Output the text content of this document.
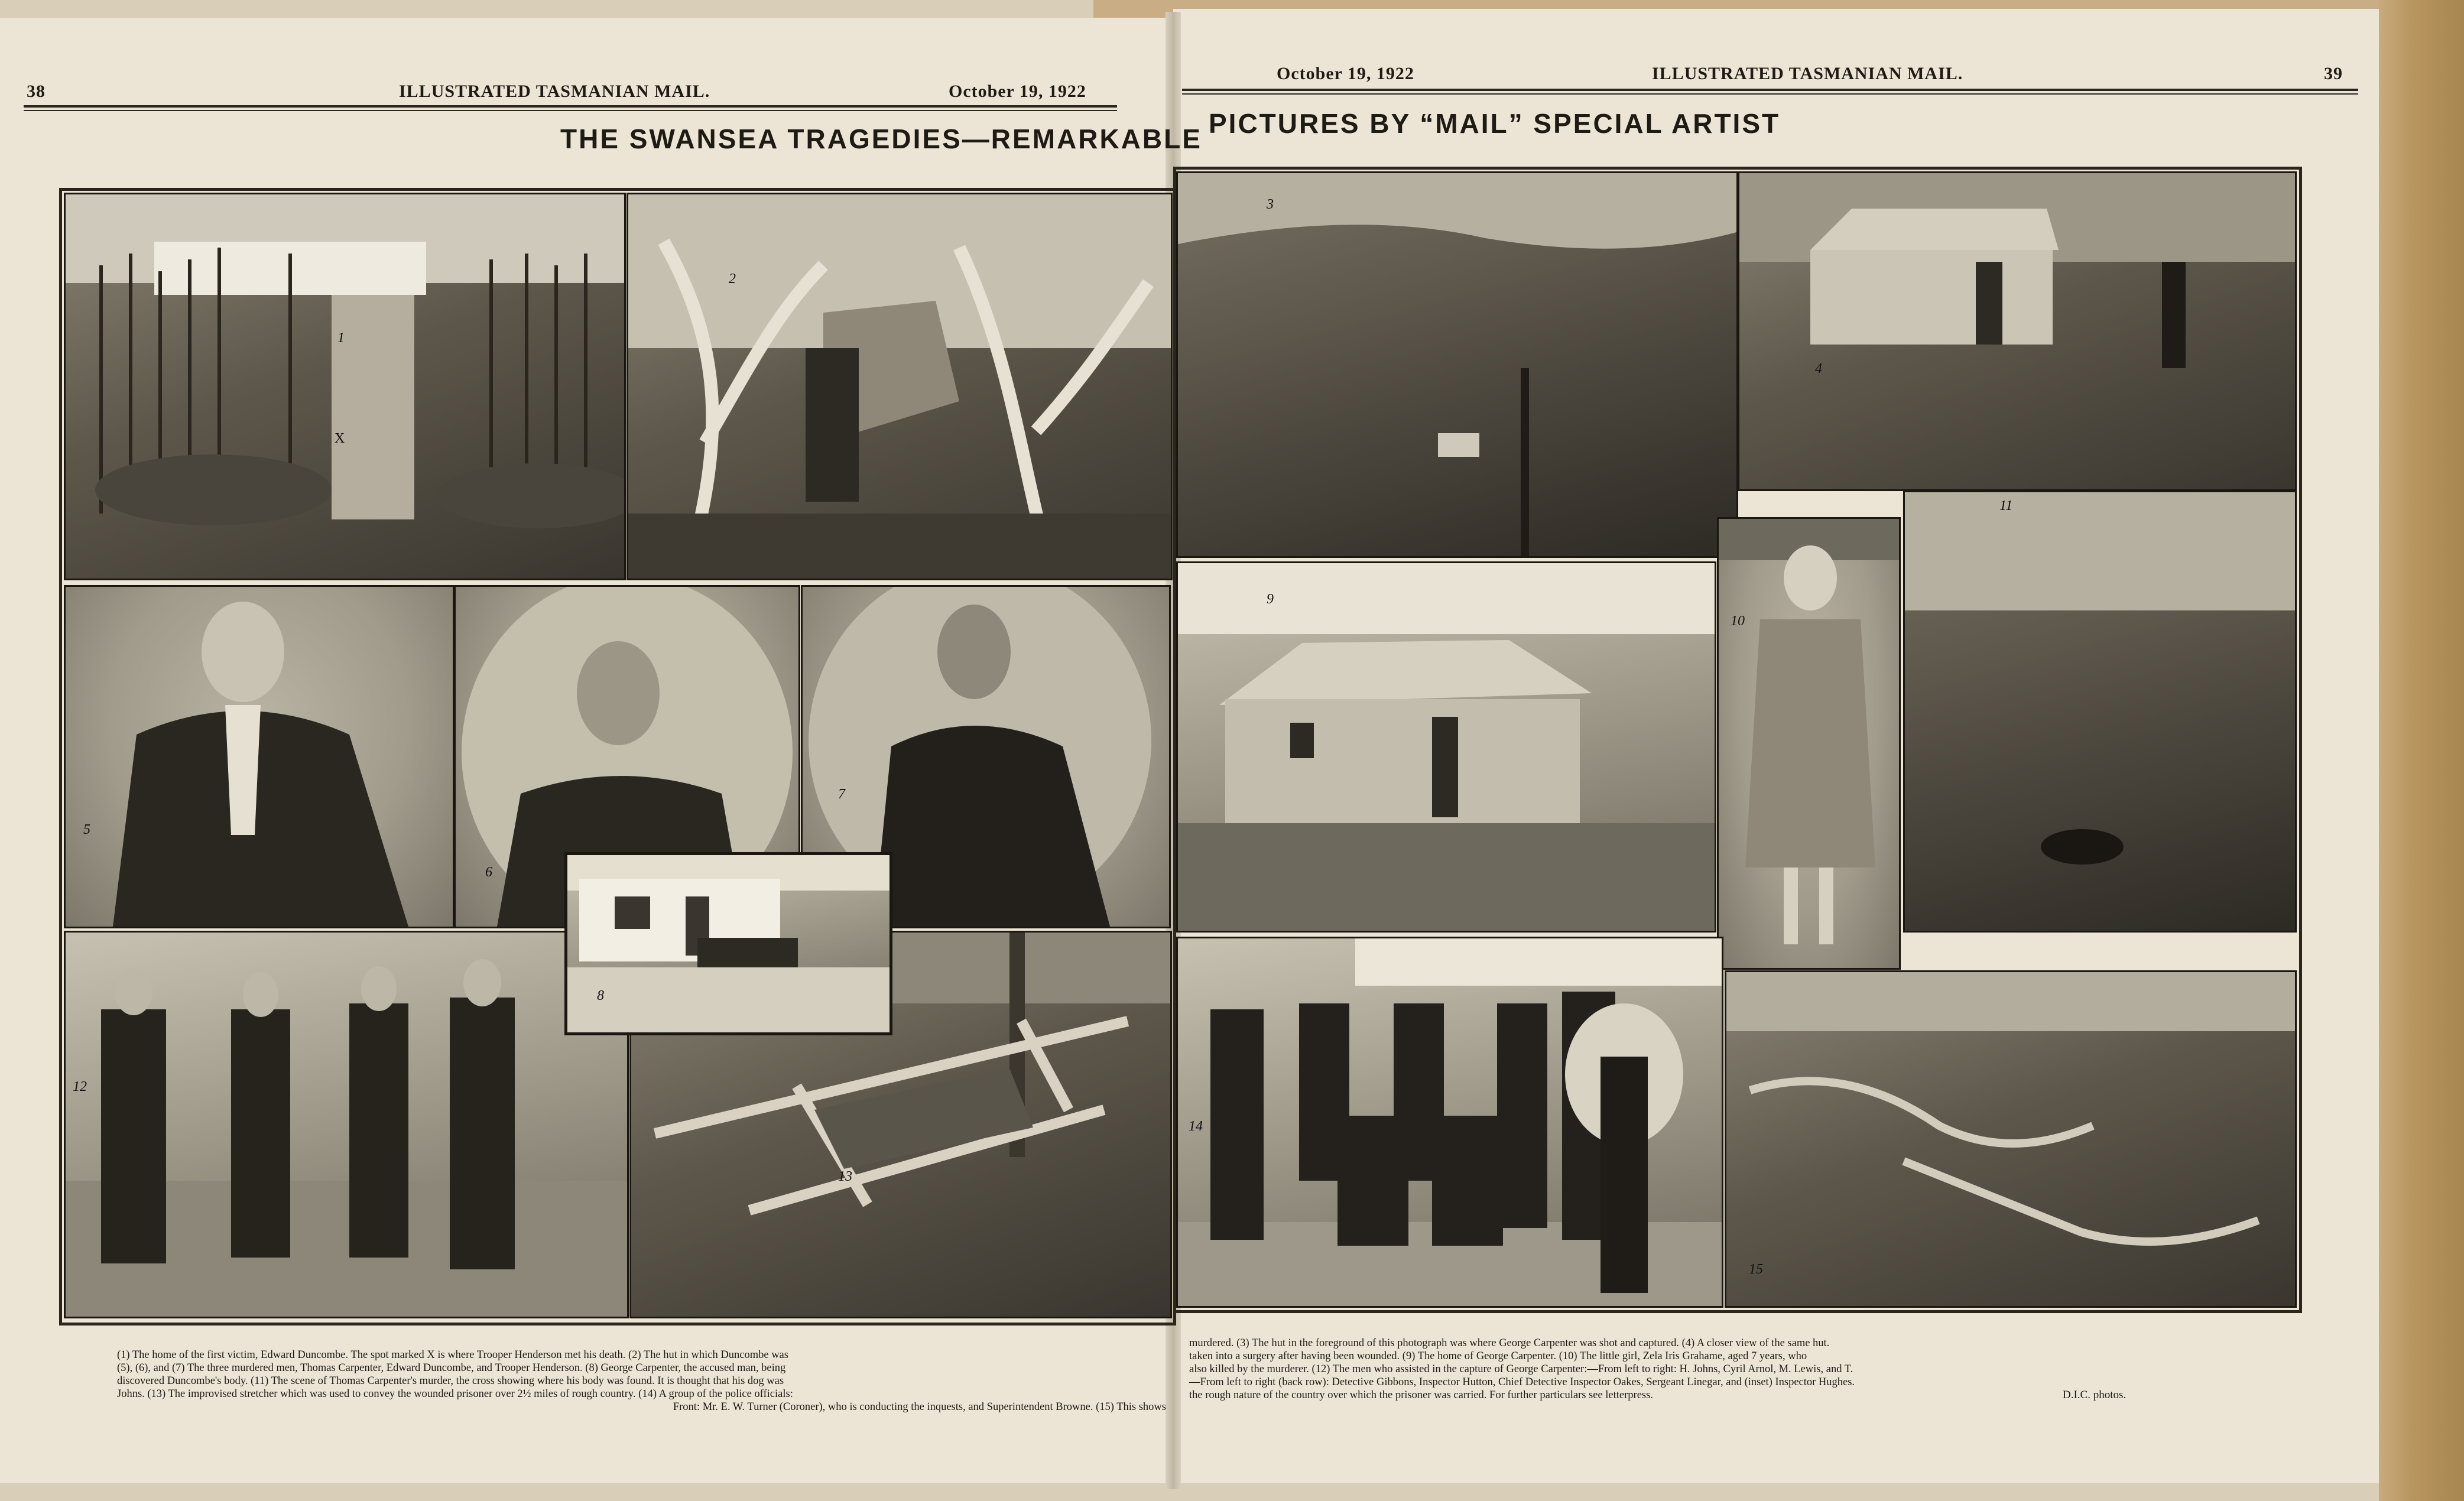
38	ILLUSTRATED TASMANIAN MAIL.	October 19, 1922
THE SWANSEA TRAGEDIES—REMARKABLE
October 19, 1922	ILLUSTRATED TASMANIAN MAIL.	39
PICTURES BY “MAIL” SPECIAL ARTIST
1
X
2
5
6
7
12
13
8
3
4
9
10
11
14
15
(1) The home of the first victim, Edward Duncombe. The spot marked X is where Trooper Henderson met his death. (2) The hut in which Duncombe was
(5), (6), and (7) The three murdered men, Thomas Carpenter, Edward Duncombe, and Trooper Henderson. (8) George Carpenter, the accused man, being
discovered Duncombe's body. (11) The scene of Thomas Carpenter's murder, the cross showing where his body was found. It is thought that his dog was
Johns. (13) The improvised stretcher which was used to convey the wounded prisoner over 2½ miles of rough country. (14) A group of the police officials:
Front: Mr. E. W. Turner (Coroner), who is conducting the inquests, and Superintendent Browne. (15) This shows
murdered. (3) The hut in the foreground of this photograph was where George Carpenter was shot and captured. (4) A closer view of the same hut.
taken into a surgery after having been wounded. (9) The home of George Carpenter. (10) The little girl, Zela Iris Grahame, aged 7 years, who
also killed by the murderer. (12) The men who assisted in the capture of George Carpenter:—From left to right: H. Johns, Cyril Arnol, M. Lewis, and T.
—From left to right (back row): Detective Gibbons, Inspector Hutton, Chief Detective Inspector Oakes, Sergeant Linegar, and (inset) Inspector Hughes.
the rough nature of the country over which the prisoner was carried. For further particulars see letterpress.	D.I.C. photos.
